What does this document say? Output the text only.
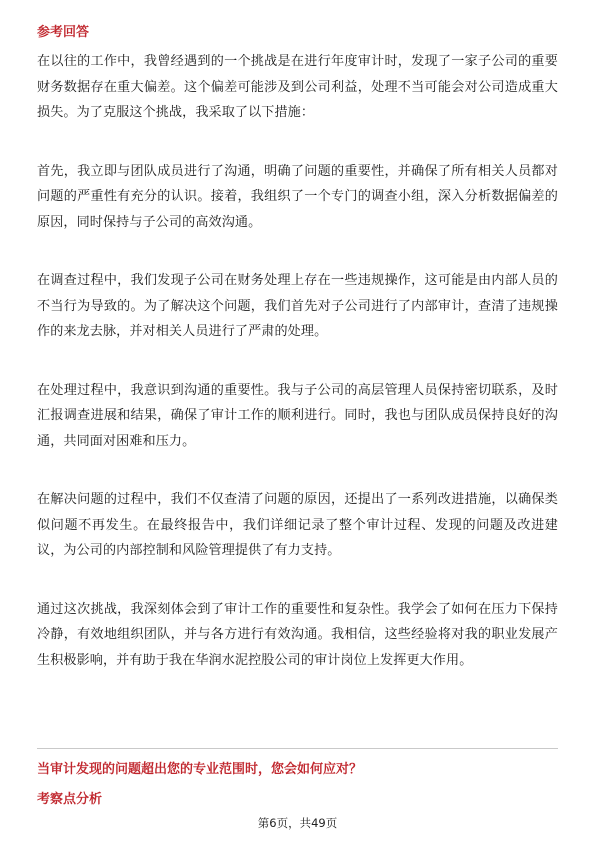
参考回答

在以往的工作中，我曾经遇到的一个挑战是在进行年度审计时，发现了一家子公司的重要财务数据存在重大偏差。这个偏差可能涉及到公司利益，处理不当可能会对公司造成重大损失。为了克服这个挑战，我采取了以下措施：

首先，我立即与团队成员进行了沟通，明确了问题的重要性，并确保了所有相关人员都对问题的严重性有充分的认识。接着，我组织了一个专门的调查小组，深入分析数据偏差的原因，同时保持与子公司的高效沟通。

在调查过程中，我们发现子公司在财务处理上存在一些违规操作，这可能是由内部人员的不当行为导致的。为了解决这个问题，我们首先对子公司进行了内部审计，查清了违规操作的来龙去脉，并对相关人员进行了严肃的处理。

在处理过程中，我意识到沟通的重要性。我与子公司的高层管理人员保持密切联系，及时汇报调查进展和结果，确保了审计工作的顺利进行。同时，我也与团队成员保持良好的沟通，共同面对困难和压力。

在解决问题的过程中，我们不仅查清了问题的原因，还提出了一系列改进措施，以确保类似问题不再发生。在最终报告中，我们详细记录了整个审计过程、发现的问题及改进建议，为公司的内部控制和风险管理提供了有力支持。

通过这次挑战，我深刻体会到了审计工作的重要性和复杂性。我学会了如何在压力下保持冷静，有效地组织团队，并与各方进行有效沟通。我相信，这些经验将对我的职业发展产生积极影响，并有助于我在华润水泥控股公司的审计岗位上发挥更大作用。

当审计发现的问题超出您的专业范围时，您会如何应对？
考察点分析
第6页，共49页
